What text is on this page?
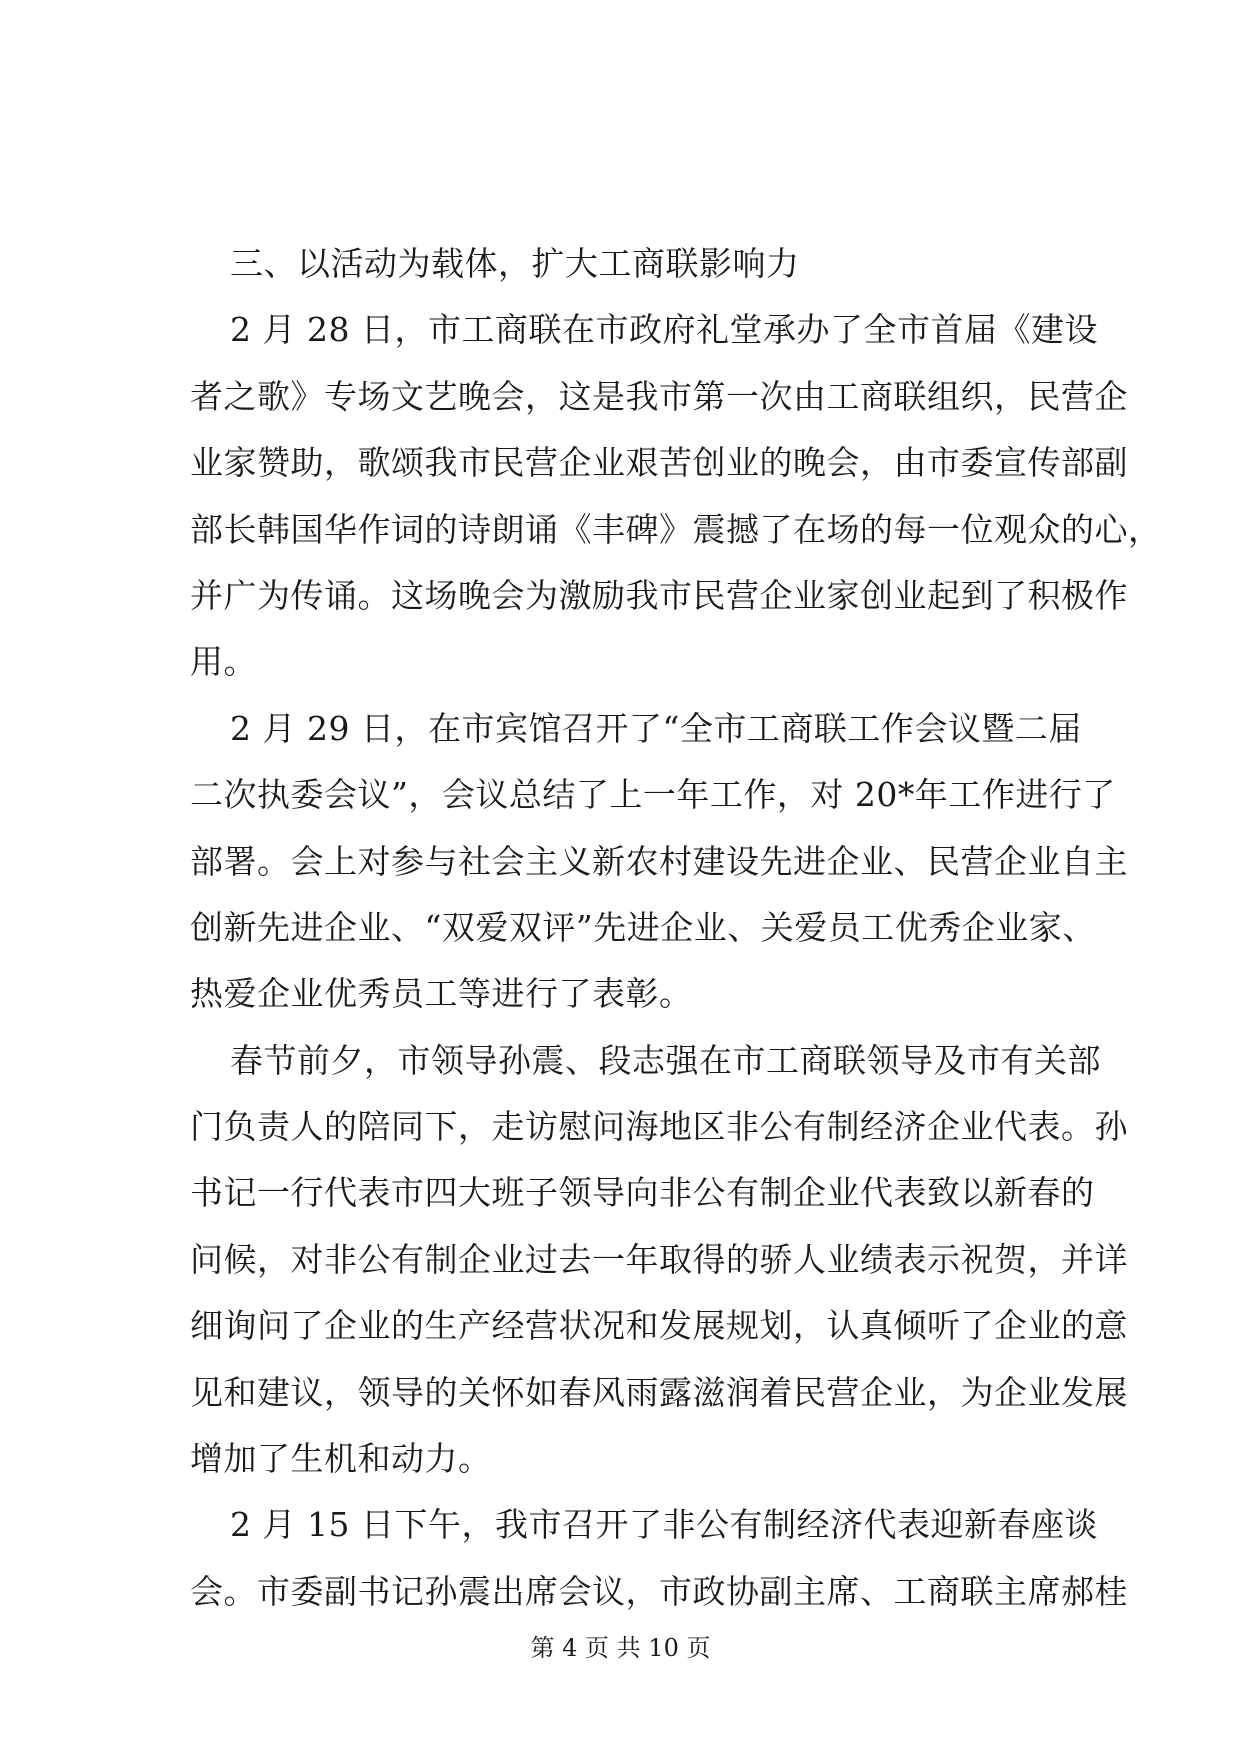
三、以活动为载体，扩大工商联影响力
2 月 28 日，市工商联在市政府礼堂承办了全市首届《建设
者之歌》专场文艺晚会，这是我市第一次由工商联组织，民营企
业家赞助，歌颂我市民营企业艰苦创业的晚会，由市委宣传部副
部长韩国华作词的诗朗诵《丰碑》震撼了在场的每一位观众的心，
并广为传诵。这场晚会为激励我市民营企业家创业起到了积极作
用。
2 月 29 日，在市宾馆召开了“全市工商联工作会议暨二届
二次执委会议”，会议总结了上一年工作，对 20*年工作进行了
部署。会上对参与社会主义新农村建设先进企业、民营企业自主
创新先进企业、“双爱双评”先进企业、关爱员工优秀企业家、
热爱企业优秀员工等进行了表彰。
春节前夕，市领导孙震、段志强在市工商联领导及市有关部
门负责人的陪同下，走访慰问海地区非公有制经济企业代表。孙
书记一行代表市四大班子领导向非公有制企业代表致以新春的
问候，对非公有制企业过去一年取得的骄人业绩表示祝贺，并详
细询问了企业的生产经营状况和发展规划，认真倾听了企业的意
见和建议，领导的关怀如春风雨露滋润着民营企业，为企业发展
增加了生机和动力。
2 月 15 日下午，我市召开了非公有制经济代表迎新春座谈
会。市委副书记孙震出席会议，市政协副主席、工商联主席郝桂
第 4 页 共 10 页
